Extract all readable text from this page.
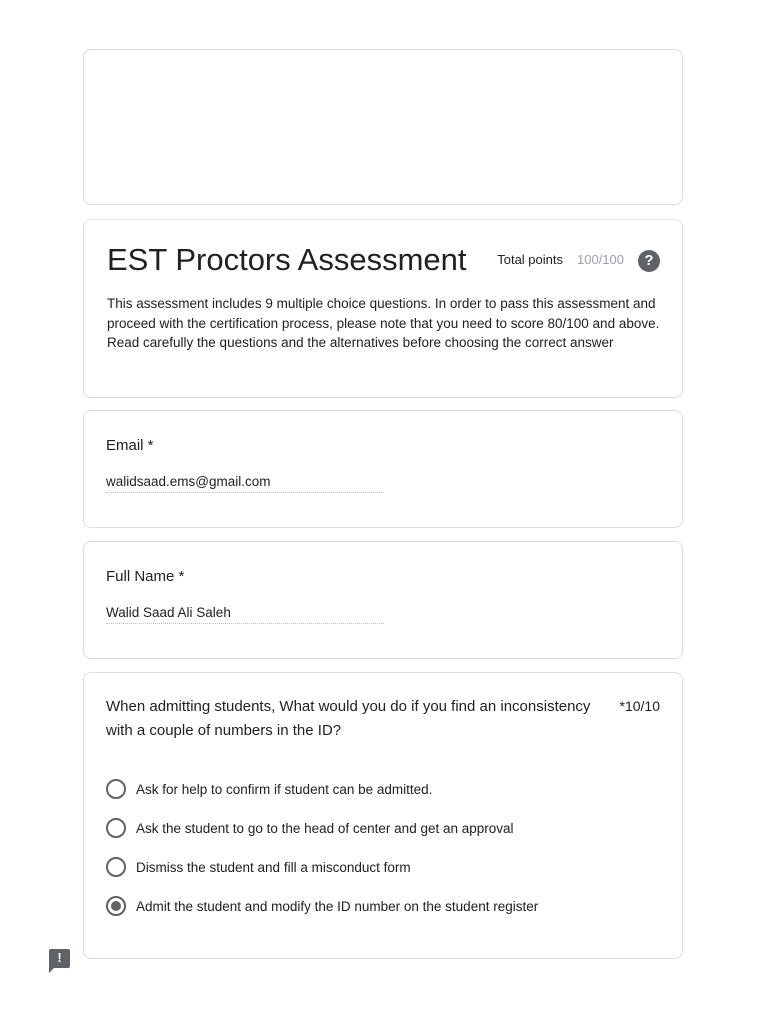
EST Proctors Assessment Total points 100/100	?
This assessment includes 9 multiple choice questions. In order to pass this assessment and proceed with the certification process, please note that you need to score 80/100 and above.
Read carefully the questions and the alternatives before choosing the correct answer
Email *
walidsaad.ems@gmail.com
Full Name *
Walid Saad Ali Saleh
When admitting students, What would you do if you find an inconsistency with a couple of numbers in the ID?
*10/10
Ask for help to confirm if student can be admitted.
Ask the student to go to the head of center and get an approval
Dismiss the student and fill a misconduct form
Admit the student and modify the ID number on the student register
!
